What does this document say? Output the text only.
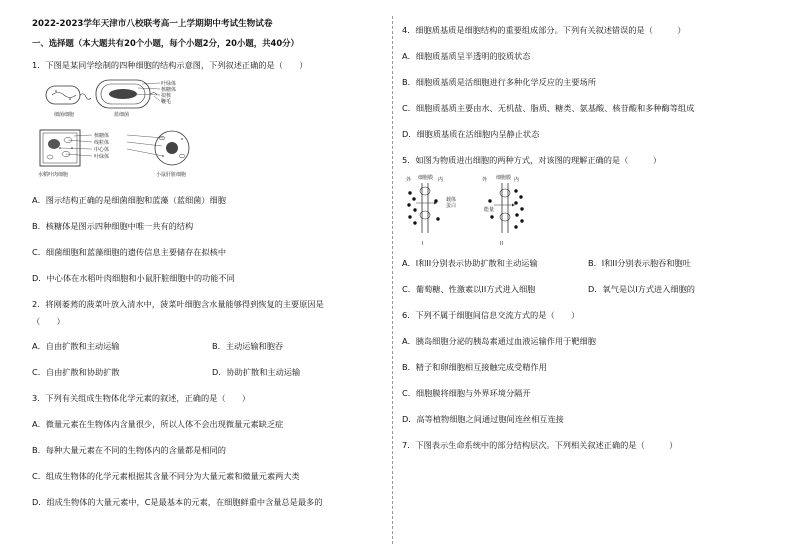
2022-2023学年天津市八校联考高一上学期期中考试生物试卷
一、选择题（本大题共有20个小题，每个小题2分，20小题，共40分）
1．下图是某同学绘制的四种细胞的结构示意图，下列叙述正确的是（　　）
叶绿体
核糖体
拟核
鞭毛
细菌细胞	蓝细菌
核糖体
线粒体
中心体
叶绿体
水稻叶肉细胞	小鼠肝脏细胞
A．图示结构正确的是细菌细胞和蓝藻（蓝细菌）细胞
B．核糖体是图示四种细胞中唯一共有的结构
C．细菌细胞和蓝藻细胞的遗传信息主要储存在拟核中
D．中心体在水稻叶肉细胞和小鼠肝脏细胞中的功能不同
2．将刚萎蔫的菠菜叶放入清水中，菠菜叶细胞含水量能够得到恢复的主要原因是
（　　）
A．自由扩散和主动运输	B．主动运输和胞吞
C．自由扩散和协助扩散	D．协助扩散和主动运输
3．下列有关组成生物体化学元素的叙述，正确的是（　　）
A．微量元素在生物体内含量很少，所以人体不会出现微量元素缺乏症
B．每种大量元素在不同的生物体内的含量都是相同的
C．组成生物体的化学元素根据其含量不同分为大量元素和微量元素两大类
D．组成生物体的大量元素中，C是最基本的元素，在细胞鲜重中含量总是最多的
4．细胞质基质是细胞结构的重要组成部分。下列有关叙述错误的是（　　　）
A．细胞质基质呈半透明的胶质状态
B．细胞质基质是活细胞进行多种化学反应的主要场所
C．细胞质基质主要由水、无机盐、脂质、糖类、氨基酸、核苷酸和多种酶等组成
D．细胞质基质在活细胞内呈静止状态
5．如图为物质进出细胞的两种方式，对该图的理解正确的是（　　　）
外 细胞膜 内
载体
蛋白
I
外 细胞膜 内
能量
II
A．I和II分别表示协助扩散和主动运输	B．I和II分别表示胞吞和胞吐
C．葡萄糖、性激素以II方式进入细胞	D．氧气是以I方式进入细胞的
6．下列不属于细胞间信息交流方式的是（　　）
A．胰岛细胞分泌的胰岛素通过血液运输作用于靶细胞
B．精子和卵细胞相互接触完成受精作用
C．细胞膜将细胞与外界环境分隔开
D．高等植物细胞之间通过胞间连丝相互连接
7．下图表示生命系统中的部分结构层次。下列相关叙述正确的是（　　　）
